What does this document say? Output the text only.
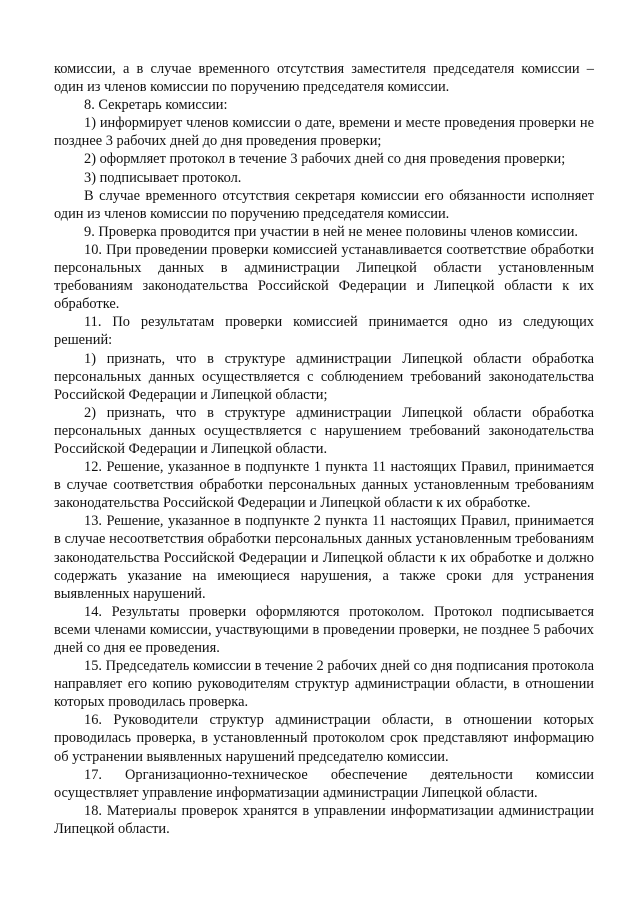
комиссии, а в случае временного отсутствия заместителя председателя комиссии – один из членов комиссии по поручению председателя комиссии.

8. Секретарь комиссии:

1) информирует членов комиссии о дате, времени и месте проведения проверки не позднее 3 рабочих дней до дня проведения проверки;

2) оформляет протокол в течение 3 рабочих дней со дня проведения проверки;

3) подписывает протокол.

В случае временного отсутствия секретаря комиссии его обязанности исполняет один из членов комиссии по поручению председателя комиссии.

9. Проверка проводится при участии в ней не менее половины членов комиссии.

10. При проведении проверки комиссией устанавливается соответствие обработки персональных данных в администрации Липецкой области установленным требованиям законодательства Российской Федерации и Липецкой области к их обработке.

11. По результатам проверки комиссией принимается одно из следующих решений:

1) признать, что в структуре администрации Липецкой области обработка персональных данных осуществляется с соблюдением требований законодательства Российской Федерации и Липецкой области;

2) признать, что в структуре администрации Липецкой области обработка персональных данных осуществляется с нарушением требований законодательства Российской Федерации и Липецкой области.

12. Решение, указанное в подпункте 1 пункта 11 настоящих Правил, принимается в случае соответствия обработки персональных данных установленным требованиям законодательства Российской Федерации и Липецкой области к их обработке.

13. Решение, указанное в подпункте 2 пункта 11 настоящих Правил, принимается в случае несоответствия обработки персональных данных установленным требованиям законодательства Российской Федерации и Липецкой области к их обработке и должно содержать указание на имеющиеся нарушения, а также сроки для устранения выявленных нарушений.

14. Результаты проверки оформляются протоколом. Протокол подписывается всеми членами комиссии, участвующими в проведении проверки, не позднее 5 рабочих дней со дня ее проведения.

15. Председатель комиссии в течение 2 рабочих дней со дня подписания протокола направляет его копию руководителям структур администрации области, в отношении которых проводилась проверка.

16. Руководители структур администрации области, в отношении которых проводилась проверка, в установленный протоколом срок представляют информацию об устранении выявленных нарушений председателю комиссии.

17. Организационно-техническое обеспечение деятельности комиссии осуществляет управление информатизации администрации Липецкой области.

18. Материалы проверок хранятся в управлении информатизации администрации Липецкой области.
